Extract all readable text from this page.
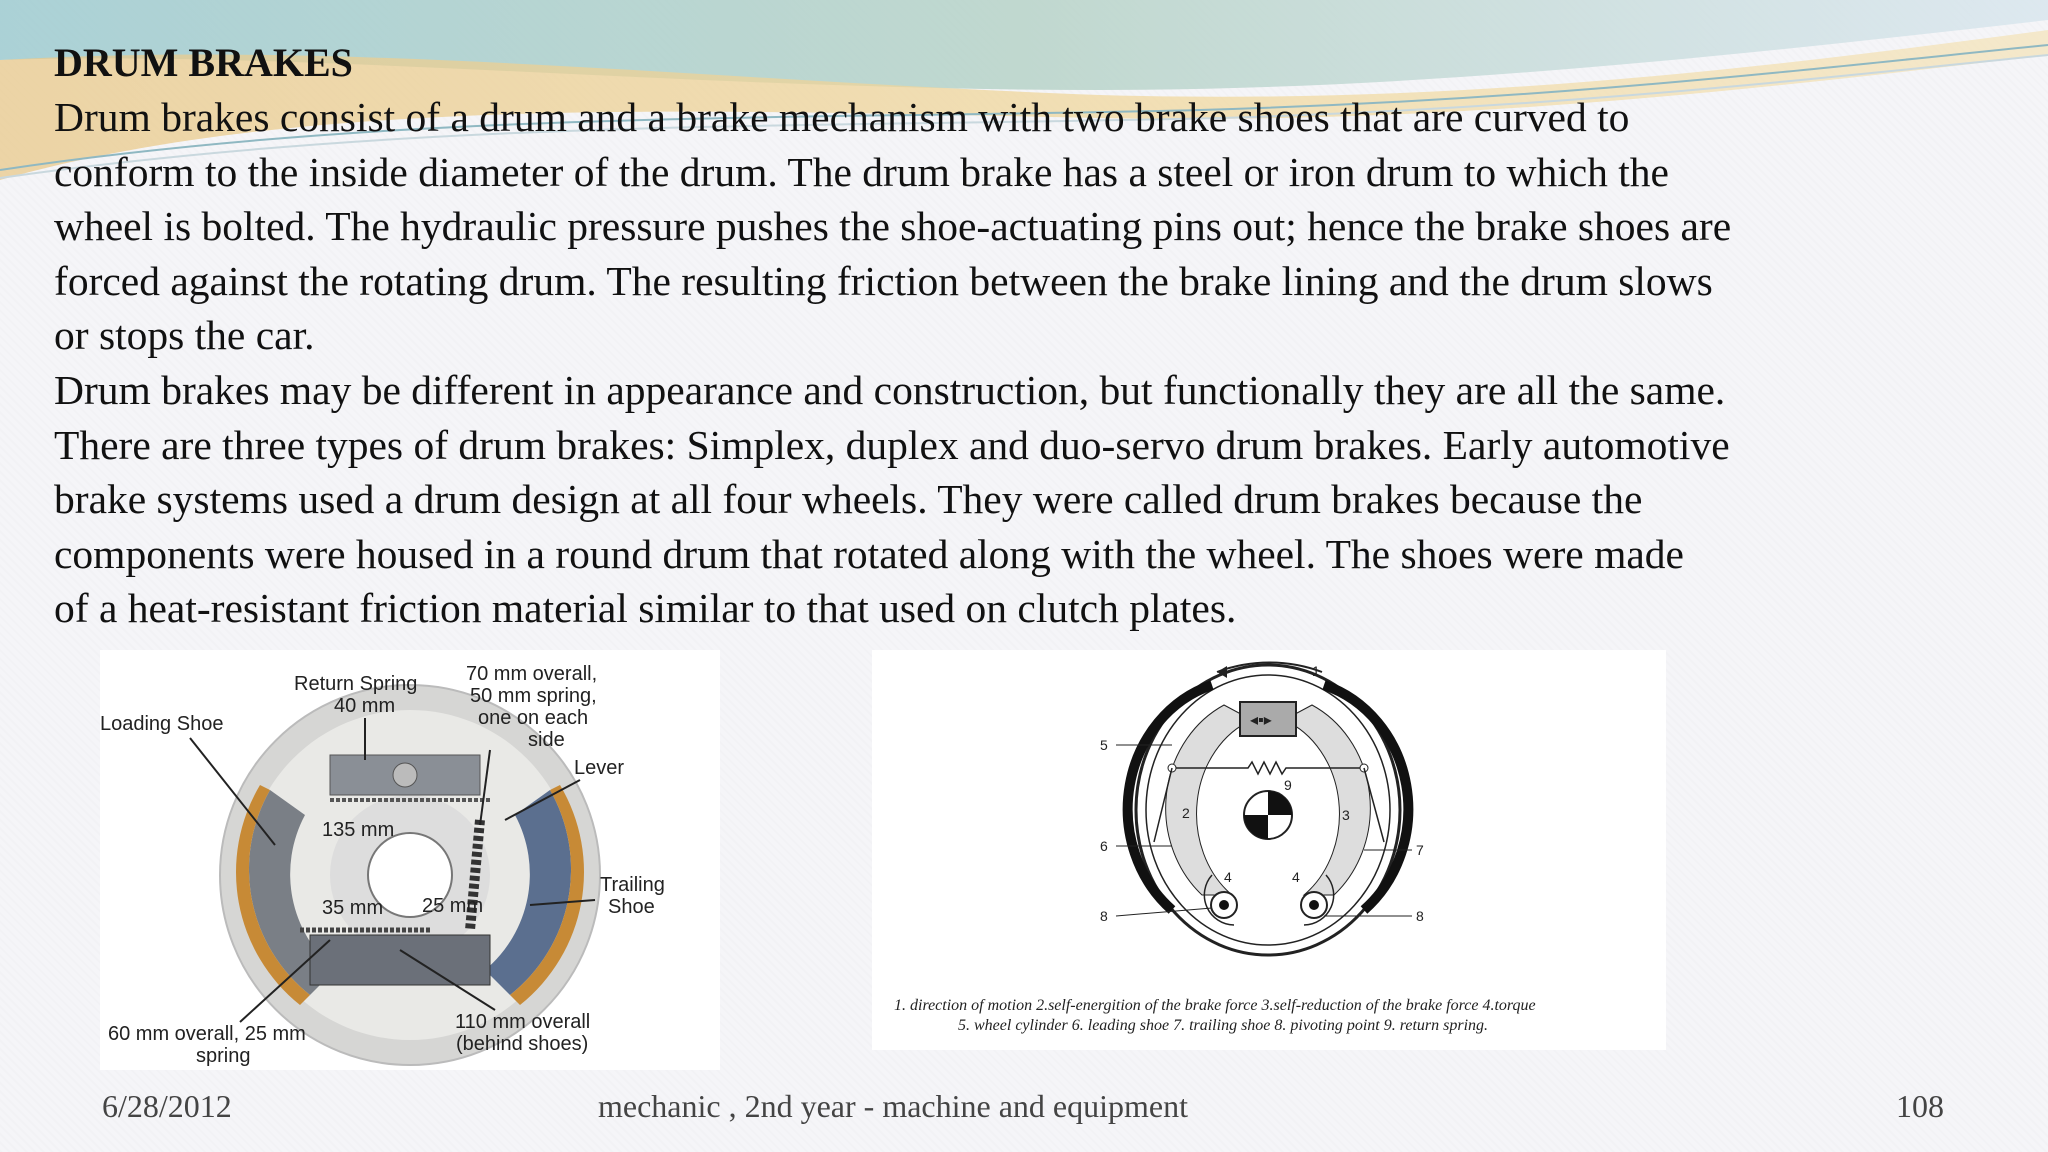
DRUM BRAKES

Drum brakes consist of a drum and a brake mechanism with two brake shoes that are curved to

conform to the inside diameter of the drum. The drum brake has a steel or iron drum to which the

wheel is bolted. The hydraulic pressure pushes the shoe-actuating pins out; hence the brake shoes are

forced against the rotating drum. The resulting friction between the brake lining and the drum slows

or stops the car.

Drum brakes may be different in appearance and construction, but functionally they are all the same.

There are three types of drum brakes: Simplex, duplex and duo-servo drum brakes. Early automotive

brake systems used a drum design at all four wheels. They were called drum brakes because the

components were housed in a round drum that rotated along with the wheel. The shoes were made

of a heat-resistant friction material similar to that used on clutch plates.

Loading Shoe
Return Spring
40 mm
70 mm overall,
50 mm spring,
one on each
side
Lever
135 mm
Trailing
Shoe
35 mm 25 mm
60 mm overall, 25 mm
spring
110 mm overall
(behind shoes)
1
◂▪▸
5
6
8
7
8
2	3
4	4
9
1. direction of motion 2.self-energition of the brake force 3.self-reduction of the brake force 4.torque
5. wheel cylinder 6. leading shoe 7. trailing shoe 8. pivoting point 9. return spring.
6/28/2012	mechanic , 2nd year - machine and equipment	108
